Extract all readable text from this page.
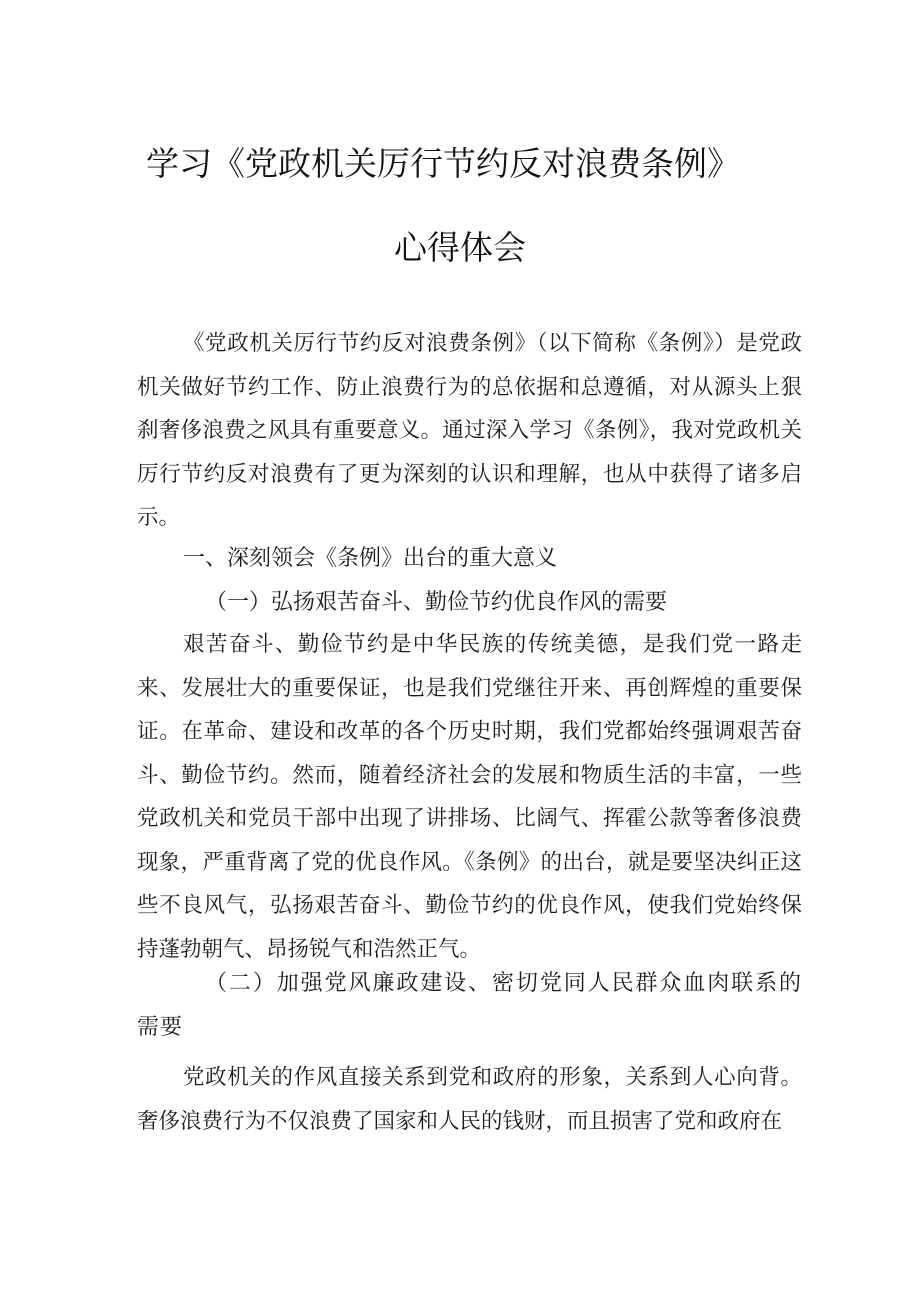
学习《党政机关厉行节约反对浪费条例》
心得体会
《党政机关厉行节约反对浪费条例》（以下简称《条例》）是党政机关做好节约工作、防止浪费行为的总依据和总遵循，对从源头上狠刹奢侈浪费之风具有重要意义。通过深入学习《条例》，我对党政机关厉行节约反对浪费有了更为深刻的认识和理解，也从中获得了诸多启示。
一、深刻领会《条例》出台的重大意义
（一）弘扬艰苦奋斗、勤俭节约优良作风的需要
艰苦奋斗、勤俭节约是中华民族的传统美德，是我们党一路走来、发展壮大的重要保证，也是我们党继往开来、再创辉煌的重要保证。在革命、建设和改革的各个历史时期，我们党都始终强调艰苦奋斗、勤俭节约。然而，随着经济社会的发展和物质生活的丰富，一些党政机关和党员干部中出现了讲排场、比阔气、挥霍公款等奢侈浪费现象，严重背离了党的优良作风。《条例》的出台，就是要坚决纠正这些不良风气，弘扬艰苦奋斗、勤俭节约的优良作风，使我们党始终保持蓬勃朝气、昂扬锐气和浩然正气。
（二）加强党风廉政建设、密切党同人民群众血肉联系的需要
党政机关的作风直接关系到党和政府的形象，关系到人心向背。奢侈浪费行为不仅浪费了国家和人民的钱财，而且损害了党和政府在
